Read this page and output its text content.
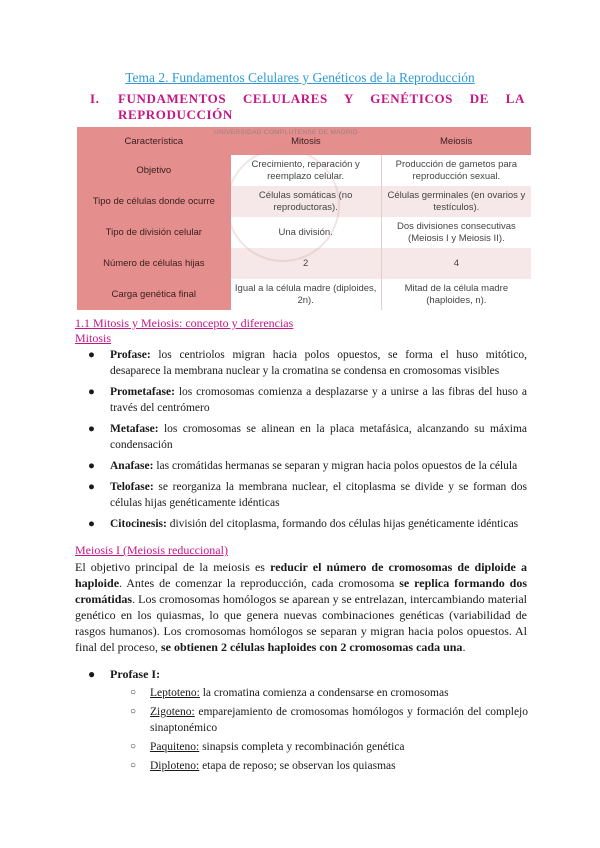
Tema 2. Fundamentos Celulares y Genéticos de la Reproducción
I. FUNDAMENTOS CELULARES Y GENÉTICOS DE LA
REPRODUCCIÓN
Característica	Mitosis	Meiosis
Objetivo	Crecimiento, reparación y reemplazo celular.	Producción de gametos para reproducción sexual.
Tipo de células donde ocurre	Células somáticas (no reproductoras).	Células germinales (en ovarios y testículos).
Tipo de división celular	Una división.	Dos divisiones consecutivas (Meiosis I y Meiosis II).
Número de células hijas	2	4
Carga genética final	Igual a la célula madre (diploides, 2n).	Mitad de la célula madre (haploides, n).
UNIVERSIDAD COMPLUTENSE DE MADRID
1.1 Mitosis y Meiosis: concepto y diferencias
Mitosis
● Profase: los centriolos migran hacia polos opuestos, se forma el huso mitótico, desaparece la membrana nuclear y la cromatina se condensa en cromosomas visibles
● Prometafase: los cromosomas comienza a desplazarse y a unirse a las fibras del huso a través del centrómero
● Metafase: los cromosomas se alinean en la placa metafásica, alcanzando su máxima condensación
● Anafase: las cromátidas hermanas se separan y migran hacia polos opuestos de la célula
● Telofase: se reorganiza la membrana nuclear, el citoplasma se divide y se forman dos células hijas genéticamente idénticas
● Citocinesis: división del citoplasma, formando dos células hijas genéticamente idénticas
Meiosis I (Meiosis reduccional)
El objetivo principal de la meiosis es reducir el número de cromosomas de diploide a haploide. Antes de comenzar la reproducción, cada cromosoma se replica formando dos cromátidas. Los cromosomas homólogos se aparean y se entrelazan, intercambiando material genético en los quiasmas, lo que genera nuevas combinaciones genéticas (variabilidad de rasgos humanos). Los cromosomas homólogos se separan y migran hacia polos opuestos. Al final del proceso, se obtienen 2 células haploides con 2 cromosomas cada una.
● Profase I:
○ Leptoteno: la cromatina comienza a condensarse en cromosomas
○ Zigoteno: emparejamiento de cromosomas homólogos y formación del complejo sinaptonémico
○ Paquiteno: sinapsis completa y recombinación genética
○ Diploteno: etapa de reposo; se observan los quiasmas
